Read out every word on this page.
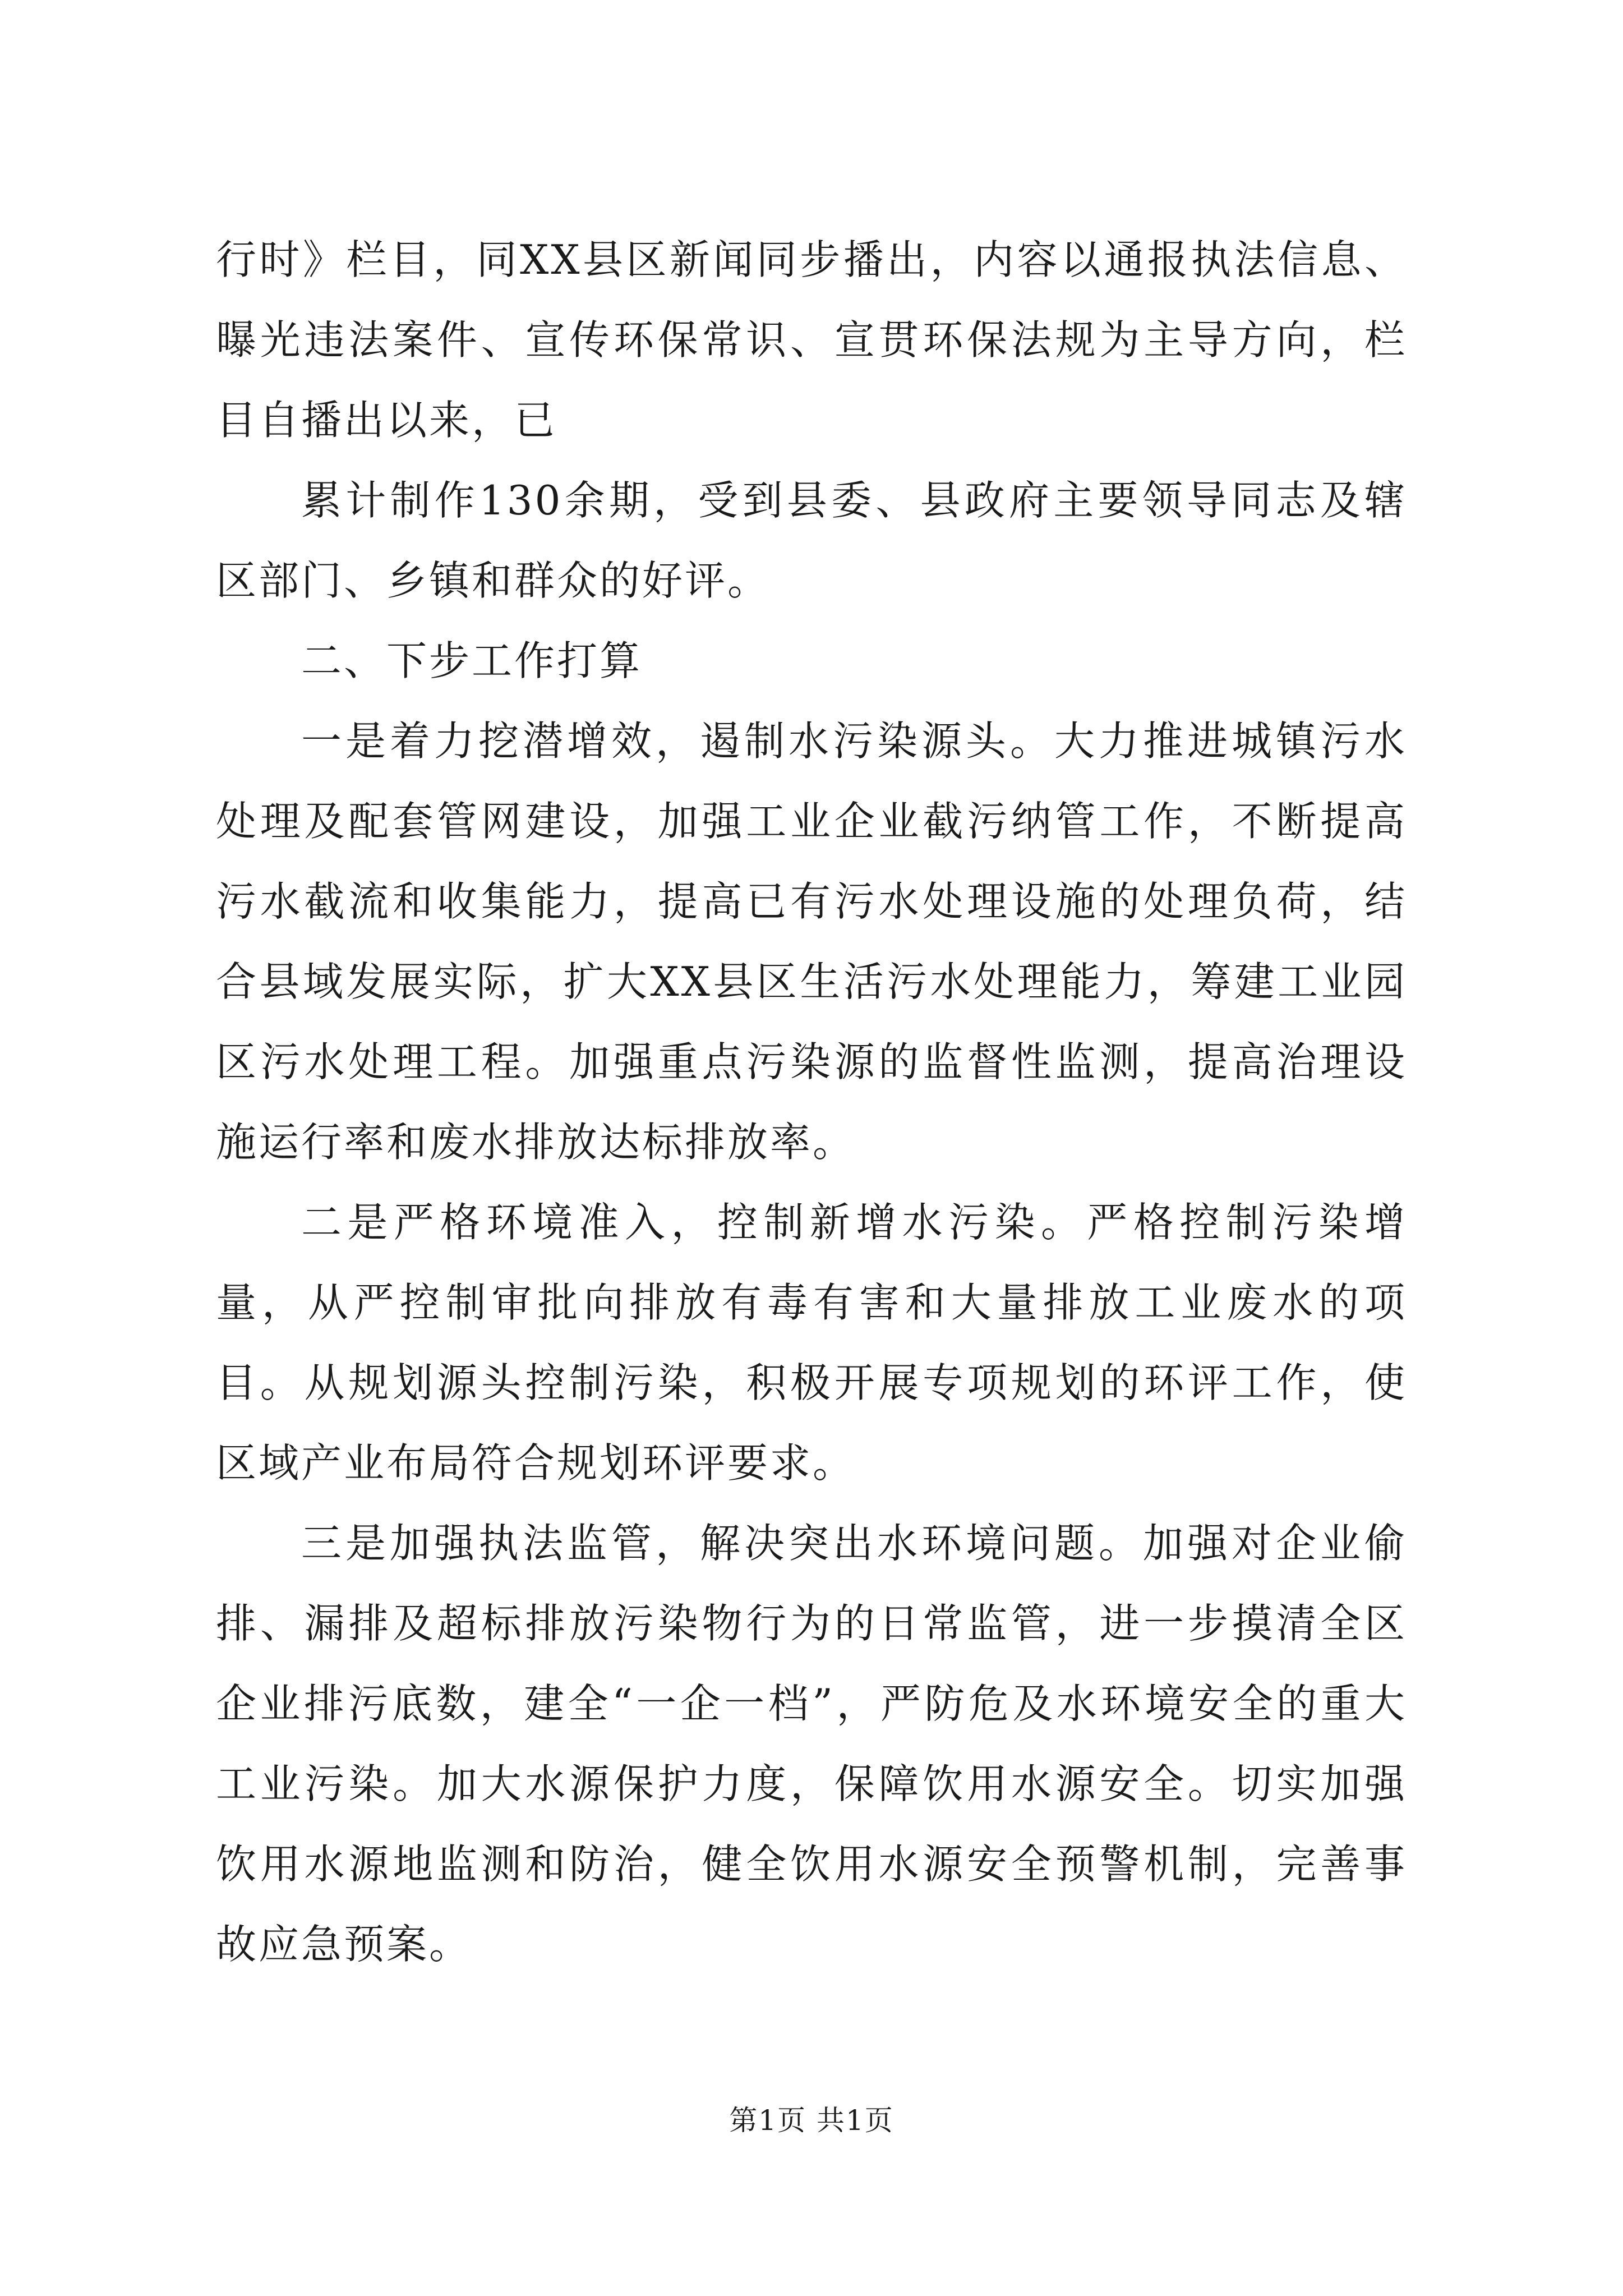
行时》栏目，同XX县区新闻同步播出，内容以通报执法信息、曝光违法案件、宣传环保常识、宣贯环保法规为主导方向，栏目自播出以来，已

累计制作130余期，受到县委、县政府主要领导同志及辖区部门、乡镇和群众的好评。

二、下步工作打算

一是着力挖潜增效，遏制水污染源头。大力推进城镇污水处理及配套管网建设，加强工业企业截污纳管工作，不断提高污水截流和收集能力，提高已有污水处理设施的处理负荷，结合县域发展实际，扩大XX县区生活污水处理能力，筹建工业园区污水处理工程。加强重点污染源的监督性监测，提高治理设施运行率和废水排放达标排放率。

二是严格环境准入，控制新增水污染。严格控制污染增量，从严控制审批向排放有毒有害和大量排放工业废水的项目。从规划源头控制污染，积极开展专项规划的环评工作，使区域产业布局符合规划环评要求。

三是加强执法监管，解决突出水环境问题。加强对企业偷排、漏排及超标排放污染物行为的日常监管，进一步摸清全区企业排污底数，建全“一企一档”，严防危及水环境安全的重大工业污染。加大水源保护力度，保障饮用水源安全。切实加强饮用水源地监测和防治，健全饮用水源安全预警机制，完善事故应急预案。

第1页 共1页
